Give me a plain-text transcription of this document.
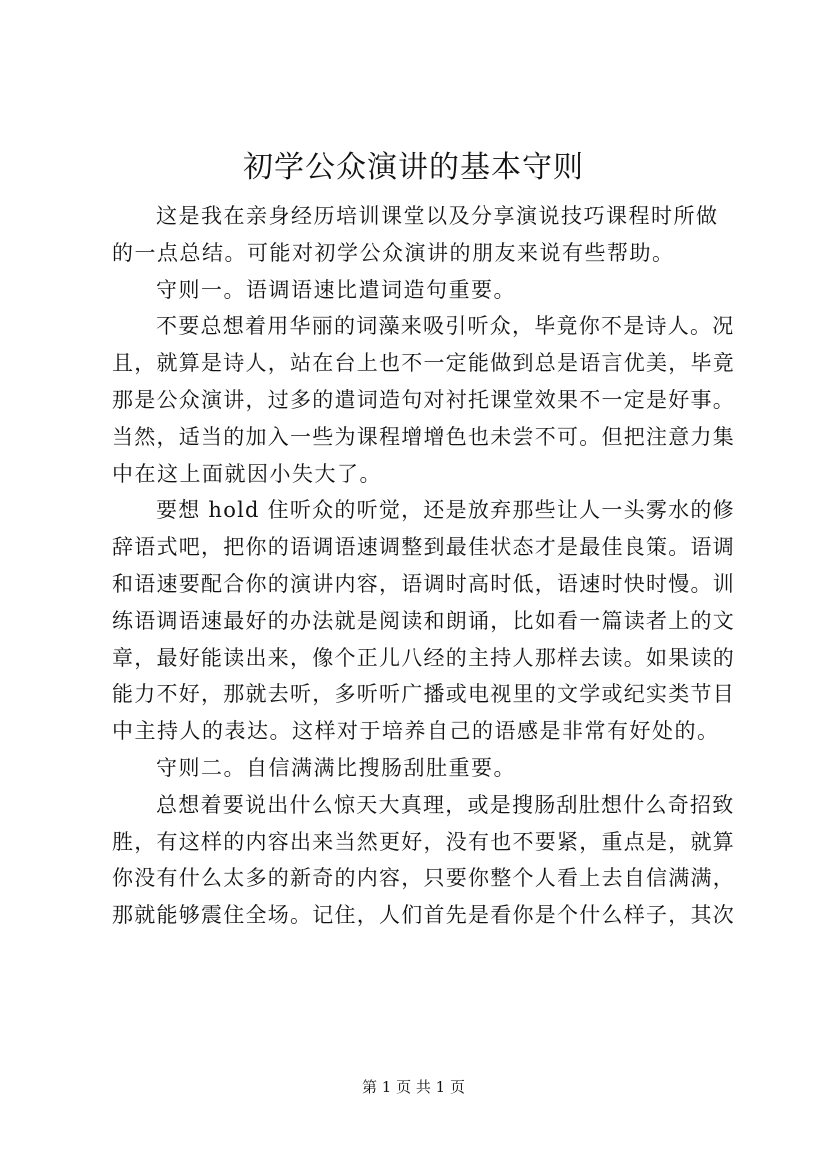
初学公众演讲的基本守则

这是我在亲身经历培训课堂以及分享演说技巧课程时所做
的一点总结。可能对初学公众演讲的朋友来说有些帮助。

守则一。语调语速比遣词造句重要。

不要总想着用华丽的词藻来吸引听众，毕竟你不是诗人。况
且，就算是诗人，站在台上也不一定能做到总是语言优美，毕竟
那是公众演讲，过多的遣词造句对衬托课堂效果不一定是好事。
当然，适当的加入一些为课程增增色也未尝不可。但把注意力集
中在这上面就因小失大了。

要想 hold 住听众的听觉，还是放弃那些让人一头雾水的修
辞语式吧，把你的语调语速调整到最佳状态才是最佳良策。语调
和语速要配合你的演讲内容，语调时高时低，语速时快时慢。训
练语调语速最好的办法就是阅读和朗诵，比如看一篇读者上的文
章，最好能读出来，像个正儿八经的主持人那样去读。如果读的
能力不好，那就去听，多听听广播或电视里的文学或纪实类节目
中主持人的表达。这样对于培养自己的语感是非常有好处的。

守则二。自信满满比搜肠刮肚重要。

总想着要说出什么惊天大真理，或是搜肠刮肚想什么奇招致
胜，有这样的内容出来当然更好，没有也不要紧，重点是，就算
你没有什么太多的新奇的内容，只要你整个人看上去自信满满，
那就能够震住全场。记住，人们首先是看你是个什么样子，其次

第 1 页 共 1 页
